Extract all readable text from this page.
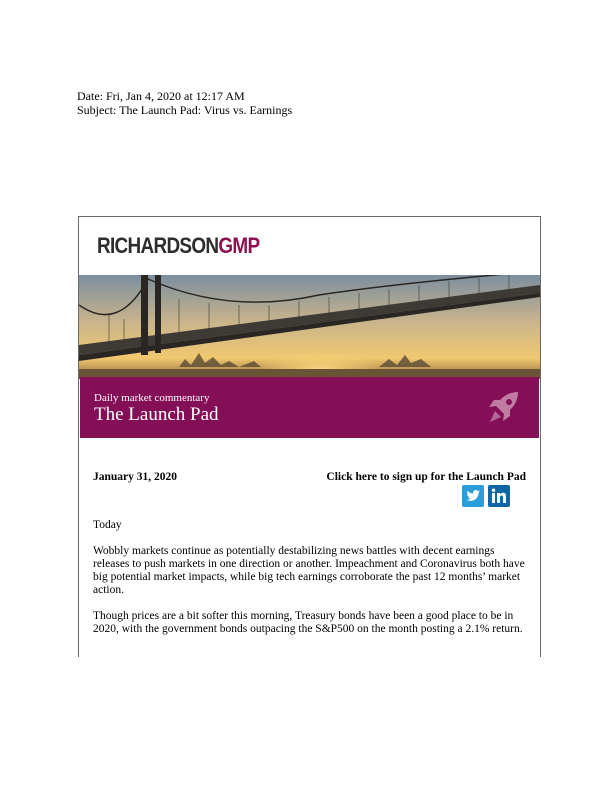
Date: Fri, Jan 4, 2020 at 12:17 AM
Subject: The Launch Pad: Virus vs. Earnings
RICHARDSONGMP
Daily market commentary
The Launch Pad
January 31, 2020	Click here to sign up for the Launch Pad

Today

Wobbly markets continue as potentially destabilizing news battles with decent earnings releases to push markets in one direction or another. Impeachment and Coronavirus both have big potential market impacts, while big tech earnings corroborate the past 12 months’ market action.

Though prices are a bit softer this morning, Treasury bonds have been a good place to be in 2020, with the government bonds outpacing the S&P500 on the month posting a 2.1% return.
